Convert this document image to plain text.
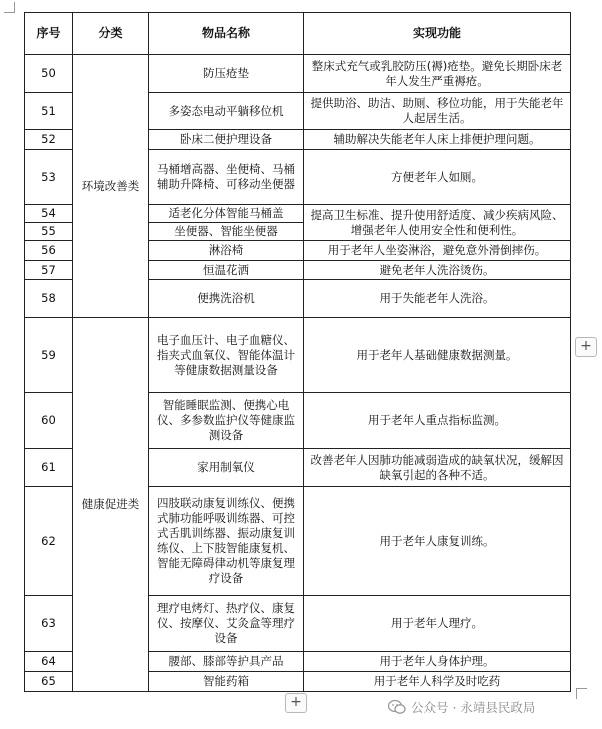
序号	分类	物品名称	实现功能
50	环境改善类	防压疮垫	整床式充气或乳胶防压(褥)疮垫。避免长期卧床老年人发生严重褥疮。
51		多姿态电动平躺移位机	提供助浴、助洁、助厕、移位功能，用于失能老年人起居生活。
52		卧床二便护理设备	辅助解决失能老年人床上排便护理问题。
53		马桶增高器、坐便椅、马桶辅助升降椅、可移动坐便器	方便老年人如厕。
54		适老化分体智能马桶盖	提高卫生标准、提升使用舒适度、减少疾病风险、增强老年人使用安全性和便利性。
55		坐便器、智能坐便器	
56		淋浴椅	用于老年人坐姿淋浴，避免意外滑倒摔伤。
57		恒温花洒	避免老年人洗浴烫伤。
58		便携洗浴机	用于失能老年人洗浴。
59	健康促进类	电子血压计、电子血糖仪、指夹式血氧仪、智能体温计等健康数据测量设备	用于老年人基础健康数据测量。
60		智能睡眠监测、便携心电仪、多参数监护仪等健康监测设备	用于老年人重点指标监测。
61		家用制氧仪	改善老年人因肺功能减弱造成的缺氧状况，缓解因缺氧引起的各种不适。
62		四肢联动康复训练仪、便携式肺功能呼吸训练器、可控式舌肌训练器、振动康复训练仪、上下肢智能康复机、智能无障碍律动机等康复理疗设备	用于老年人康复训练。
63		理疗电烤灯、热疗仪、康复仪、按摩仪、艾灸盒等理疗设备	用于老年人理疗。
64		腰部、膝部等护具产品	用于老年人身体护理。
65		智能药箱	用于老年人科学及时吃药
+
+	公众号 · 永靖县民政局
